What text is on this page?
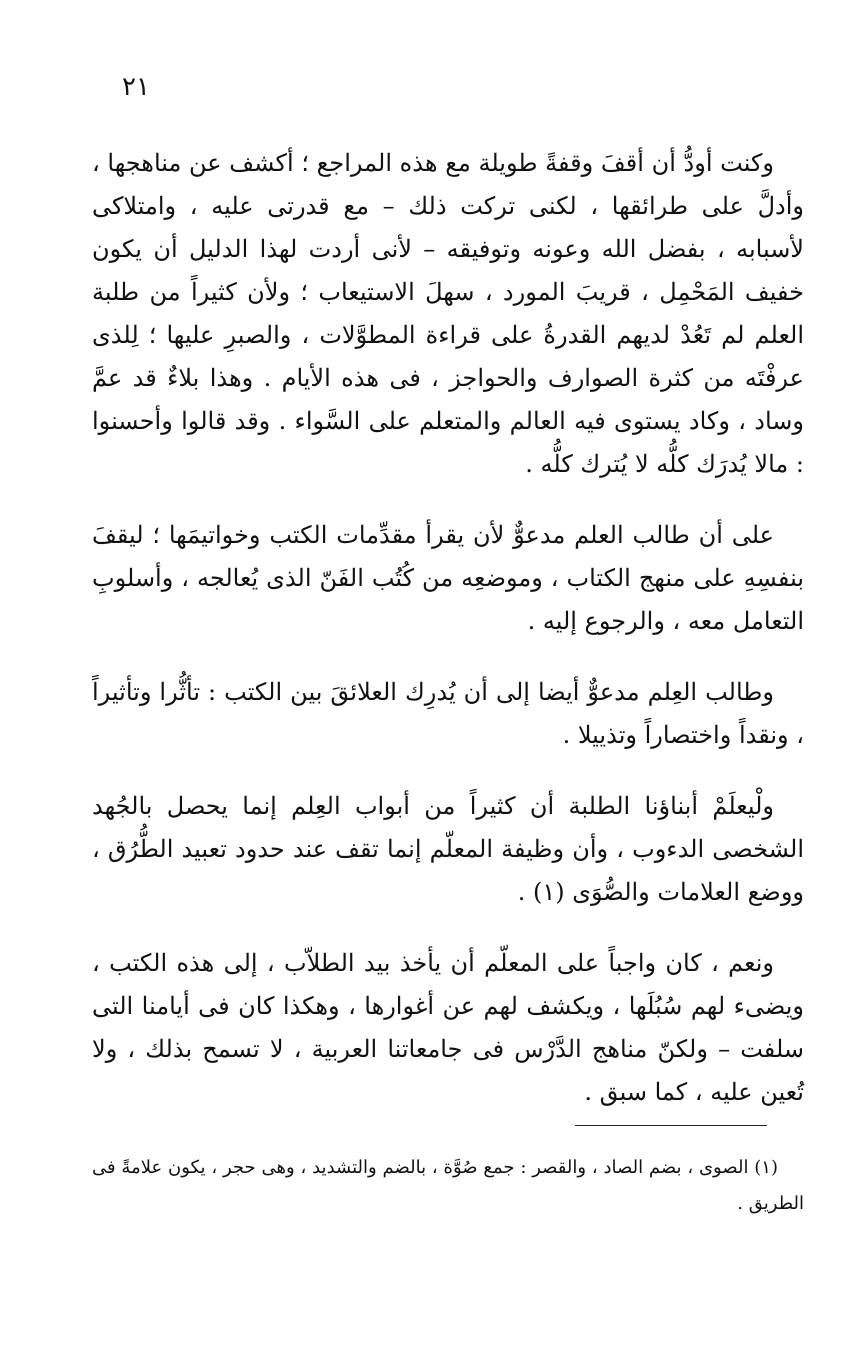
٢١

وكنت أودُّ أن أقفَ وقفةً طويلة مع هذه المراجع ؛ أكشف عن مناهجها ، وأدلَّ على طرائقها ، لكنى تركت ذلك – مع قدرتى عليه ، وامتلاكى لأسبابه ، بفضل الله وعونه وتوفيقه – لأنى أردت لهذا الدليل أن يكون خفيف المَحْمِل ، قريبَ المورد ، سهلَ الاستيعاب ؛ ولأن كثيراً من طلبة العلم لم تَعُدْ لديهم القدرةُ على قراءة المطوَّلات ، والصبرِ عليها ؛ لِلذى عرفْتَه من كثرة الصوارف والحواجز ، فى هذه الأيام . وهذا بلاءٌ قد عمَّ وساد ، وكاد يستوى فيه العالم والمتعلم على السَّواء . وقد قالوا وأحسنوا : مالا يُدرَك كلُّه لا يُترك كلُّه .

على أن طالب العلم مدعوٌّ لأن يقرأ مقدِّمات الكتب وخواتيمَها ؛ ليقفَ بنفسِهِ على منهج الكتاب ، وموضعِه من كُتُب الفَنّ الذى يُعالجه ، وأسلوبِ التعامل معه ، والرجوع إليه .

وطالب العِلم مدعوٌّ أيضا إلى أن يُدرِك العلائقَ بين الكتب : تأثُّرا وتأثيراً ، ونقداً واختصاراً وتذييلا .

ولْيعلَمْ أبناؤنا الطلبة أن كثيراً من أبواب العِلم إنما يحصل بالجُهد الشخصى الدءوب ، وأن وظيفة المعلّم إنما تقف عند حدود تعبيد الطُّرُق ، ووضع العلامات والصُّوَى (١) .

ونعم ، كان واجباً على المعلّم أن يأخذ بيد الطلاّب ، إلى هذه الكتب ، ويضىء لهم سُبُلَها ، ويكشف لهم عن أغوارها ، وهكذا كان فى أيامنا التى سلفت – ولكنّ مناهج الدَّرْس فى جامعاتنا العربية ، لا تسمح بذلك ، ولا تُعين عليه ، كما سبق .

(١) الصوى ، بضم الصاد ، والقصر : جمع صُوَّة ، بالضم والتشديد ، وهى حجر ، يكون علامةً فى الطريق .
